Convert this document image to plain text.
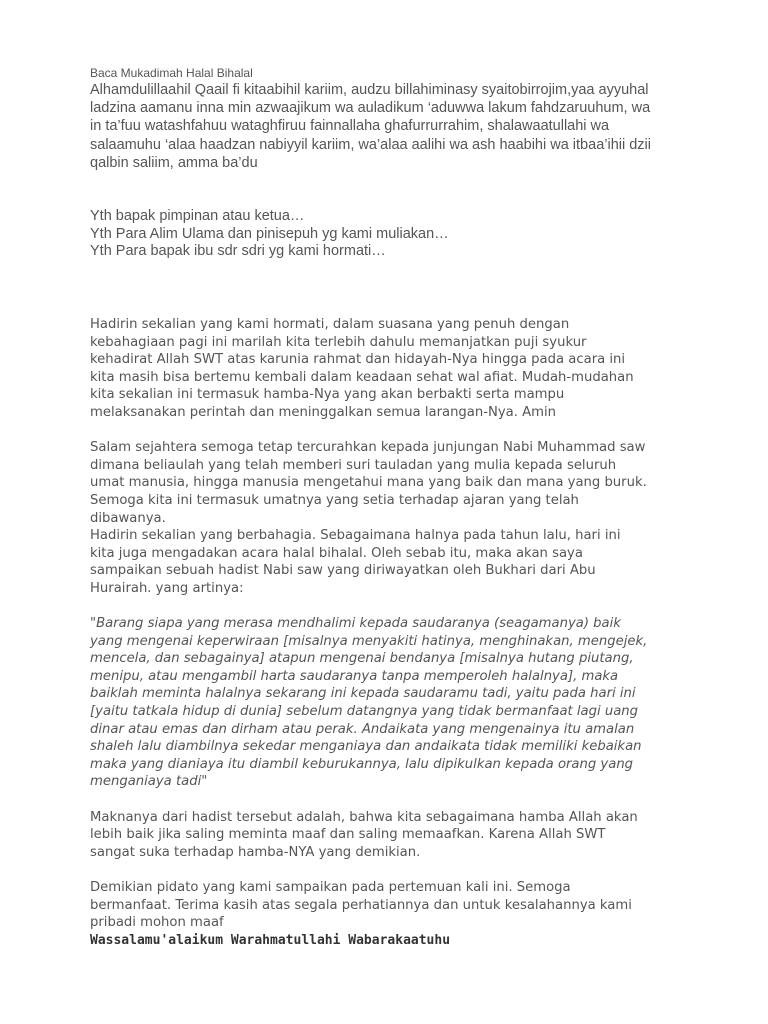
Baca Mukadimah Halal Bihalal

Alhamdulillaahil Qaail fi kitaabihil kariim, audzu billahiminasy syaitobirrojim,yaa ayyuhal
ladzina aamanu inna min azwaajikum wa auladikum ‘aduwwa lakum fahdzaruuhum, wa
in ta’fuu watashfahuu wataghfiruu fainnallaha ghafurrurrahim, shalawaatullahi wa
salaamuhu ‘alaa haadzan nabiyyil kariim, wa’alaa aalihi wa ash haabihi wa itbaa’ihii dzii
qalbin saliim, amma ba’du

Yth bapak pimpinan atau ketua…
Yth Para Alim Ulama dan pinisepuh yg kami muliakan…
Yth Para bapak ibu sdr sdri yg kami hormati…

Hadirin sekalian yang kami hormati, dalam suasana yang penuh dengan
kebahagiaan pagi ini marilah kita terlebih dahulu memanjatkan puji syukur
kehadirat Allah SWT atas karunia rahmat dan hidayah-Nya hingga pada acara ini
kita masih bisa bertemu kembali dalam keadaan sehat wal afiat. Mudah-mudahan
kita sekalian ini termasuk hamba-Nya yang akan berbakti serta mampu
melaksanakan perintah dan meninggalkan semua larangan-Nya. Amin

Salam sejahtera semoga tetap tercurahkan kepada junjungan Nabi Muhammad saw
dimana beliaulah yang telah memberi suri tauladan yang mulia kepada seluruh
umat manusia, hingga manusia mengetahui mana yang baik dan mana yang buruk.
Semoga kita ini termasuk umatnya yang setia terhadap ajaran yang telah
dibawanya.

Hadirin sekalian yang berbahagia. Sebagaimana halnya pada tahun lalu, hari ini
kita juga mengadakan acara halal bihalal. Oleh sebab itu, maka akan saya
sampaikan sebuah hadist Nabi saw yang diriwayatkan oleh Bukhari dari Abu
Hurairah. yang artinya:

"Barang siapa yang merasa mendhalimi kepada saudaranya (seagamanya) baik
yang mengenai keperwiraan [misalnya menyakiti hatinya, menghinakan, mengejek,
mencela, dan sebagainya] atapun mengenai bendanya [misalnya hutang piutang,
menipu, atau mengambil harta saudaranya tanpa memperoleh halalnya], maka
baiklah meminta halalnya sekarang ini kepada saudaramu tadi, yaitu pada hari ini
[yaitu tatkala hidup di dunia] sebelum datangnya yang tidak bermanfaat lagi uang
dinar atau emas dan dirham atau perak. Andaikata yang mengenainya itu amalan
shaleh lalu diambilnya sekedar menganiaya dan andaikata tidak memiliki kebaikan
maka yang dianiaya itu diambil keburukannya, lalu dipikulkan kepada orang yang
menganiaya tadi"

Maknanya dari hadist tersebut adalah, bahwa kita sebagaimana hamba Allah akan
lebih baik jika saling meminta maaf dan saling memaafkan. Karena Allah SWT
sangat suka terhadap hamba-NYA yang demikian.

Demikian pidato yang kami sampaikan pada pertemuan kali ini. Semoga
bermanfaat. Terima kasih atas segala perhatiannya dan untuk kesalahannya kami
pribadi mohon maaf

Wassalamu'alaikum Warahmatullahi Wabarakaatuhu
